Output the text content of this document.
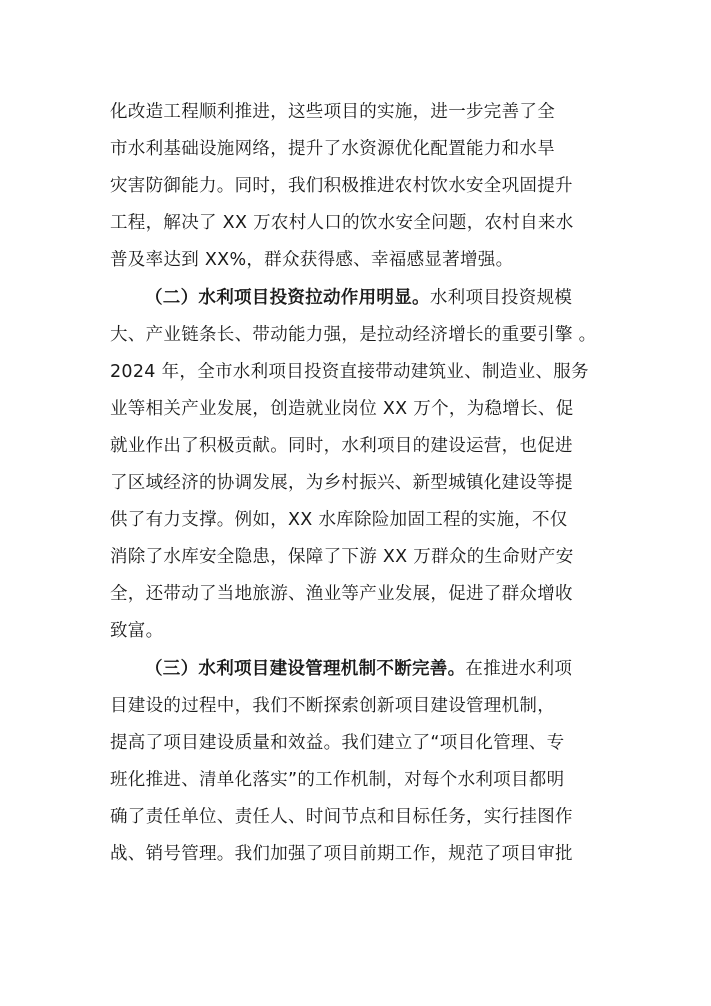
化改造工程顺利推进，这些项目的实施，进一步完善了全
市水利基础设施网络，提升了水资源优化配置能力和水旱
灾害防御能力。同时，我们积极推进农村饮水安全巩固提升
工程，解决了 XX 万农村人口的饮水安全问题，农村自来水
普及率达到 XX%，群众获得感、幸福感显著增强。
（二）水利项目投资拉动作用明显。水利项目投资规模
大、产业链条长、带动能力强，是拉动经济增长的重要引擎 。
2024 年，全市水利项目投资直接带动建筑业、制造业、服务
业等相关产业发展，创造就业岗位 XX 万个，为稳增长、促
就业作出了积极贡献。同时，水利项目的建设运营，也促进
了区域经济的协调发展，为乡村振兴、新型城镇化建设等提
供了有力支撑。例如，XX 水库除险加固工程的实施，不仅
消除了水库安全隐患，保障了下游 XX 万群众的生命财产安
全，还带动了当地旅游、渔业等产业发展，促进了群众增收
致富。
（三）水利项目建设管理机制不断完善。在推进水利项
目建设的过程中，我们不断探索创新项目建设管理机制，
提高了项目建设质量和效益。我们建立了“项目化管理、专
班化推进、清单化落实”的工作机制，对每个水利项目都明
确了责任单位、责任人、时间节点和目标任务，实行挂图作
战、销号管理。我们加强了项目前期工作，规范了项目审批
